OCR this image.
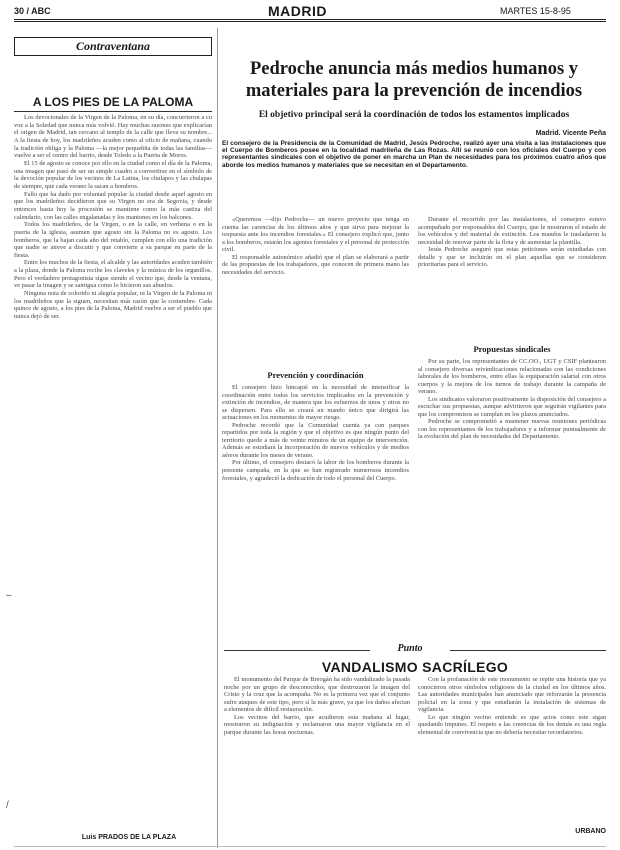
30 / ABC	MADRID	MARTES 15-8-95
Contraventana
A LOS PIES DE LA PALOMA

Los devocionales de la Virgen de la Paloma, en su día, concurrieron a cu voz a la Soledad que nunca más volvió. Hay muchas razones que explicarían el origen de Madrid, tan cercano al templo de la calle que lleva su nombre... A la fiesta de hoy, los madrileños acuden como al oficio de mañana, cuando la tradición obliga y la Paloma —la mejor pequeñita de todas las familias— vuelve a ser el centro del barrio, desde Toledo a la Puerta de Moros.

El 15 de agosto se conoce por ello en la ciudad como el día de la Paloma, una imagen que pasó de ser un simple cuadro a convertirse en el símbolo de la devoción popular de los vecinos de La Latina, los chulapos y las chulapas de siempre, que cada verano la sacan a hombros.

Fallo que ha dado por voluntad popular la ciudad desde aquel agosto en que los madrileños decidieron que su Virgen no era de Segovia, y desde entonces hasta hoy la procesión se mantiene como la más castiza del calendario, con las calles engalanadas y los mantones en los balcones.

Todos los madrileños, de la Virgen, o en la calle, en verbena o en la puerta de la iglesia, asumen que agosto sin la Paloma no es agosto. Los bomberos, que la bajan cada año del retablo, cumplen con ello una tradición que nadie se atreve a discutir y que convierte a su parque en parte de la fiesta.

Entre los muchos de la fiesta, el alcalde y las autoridades acuden también a la plaza, donde la Paloma recibe los claveles y la música de los organillos. Pero el verdadero protagonista sigue siendo el vecino que, desde la ventana, ve pasar la imagen y se santigua como lo hicieron sus abuelos.

Ninguna nota de colorido ni alegría popular, ni la Virgen de la Paloma ni los madrileños que la siguen, necesitan más razón que la costumbre. Cada quince de agosto, a los pies de la Paloma, Madrid vuelve a ser el pueblo que nunca dejó de ser.

Luis PRADOS DE LA PLAZA
Pedroche anuncia más medios humanos y materiales para la prevención de incendios
El objetivo principal será la coordinación de todos los estamentos implicados
Madrid. Vicente Peña
El consejero de la Presidencia de la Comunidad de Madrid, Jesús Pedroche, realizó ayer una visita a las instalaciones que el Cuerpo de Bomberos posee en la localidad madrileña de Las Rozas. Allí se reunió con los oficiales del Cuerpo y con representantes sindicales con el objetivo de poner en marcha un Plan de necesidades para los próximos cuatro años que aborde los medios humanos y materiales que se necesitan en el Departamento.

«Queremos —dijo Pedroche— un nuevo proyecto que tenga en cuenta las carencias de los últimos años y que sirva para mejorar la respuesta ante los incendios forestales.» El consejero explicó que, junto a los bomberos, estarán los agentes forestales y el personal de protección civil.

El responsable autonómico añadió que el plan se elaborará a partir de las propuestas de los trabajadores, que conocen de primera mano las necesidades del servicio.

Prevención y coordinación

El consejero hizo hincapié en la necesidad de intensificar la coordinación entre todos los servicios implicados en la prevención y extinción de incendios, de manera que los esfuerzos de unos y otros no se dispersen. Para ello se creará un mando único que dirigirá las actuaciones en los momentos de mayor riesgo.

Pedroche recordó que la Comunidad cuenta ya con parques repartidos por toda la región y que el objetivo es que ningún punto del territorio quede a más de veinte minutos de un equipo de intervención. Además se estudiará la incorporación de nuevos vehículos y de medios aéreos durante los meses de verano.

Por último, el consejero destacó la labor de los bomberos durante la presente campaña, en la que se han registrado numerosos incendios forestales, y agradeció la dedicación de todo el personal del Cuerpo.

Durante el recorrido por las instalaciones, el consejero estuvo acompañado por responsables del Cuerpo, que le mostraron el estado de los vehículos y del material de extinción. Los mandos le trasladaron la necesidad de renovar parte de la flota y de aumentar la plantilla.

Jesús Pedroche aseguró que estas peticiones serán estudiadas con detalle y que se incluirán en el plan aquellas que se consideren prioritarias para el servicio.

Propuestas sindicales

Por su parte, los representantes de CC.OO., UGT y CSIF plantearon al consejero diversas reivindicaciones relacionadas con las condiciones laborales de los bomberos, entre ellas la equiparación salarial con otros cuerpos y la mejora de los turnos de trabajo durante la campaña de verano.

Los sindicatos valoraron positivamente la disposición del consejero a escuchar sus propuestas, aunque advirtieron que seguirán vigilantes para que los compromisos se cumplan en los plazos anunciados.

Pedroche se comprometió a mantener nuevas reuniones periódicas con los representantes de los trabajadores y a informar puntualmente de la evolución del plan de necesidades del Departamento.

Punto
VANDALISMO SACRÍLEGO

El monumento del Parque de Breogán ha sido vandalizado la pasada noche por un grupo de desconocidos, que destrozaron la imagen del Cristo y la cruz que la acompaña. No es la primera vez que el conjunto sufre ataques de este tipo, pero sí la más grave, ya que los daños afectan a elementos de difícil restauración.

Los vecinos del barrio, que acudieron esta mañana al lugar, mostraron su indignación y reclamaron una mayor vigilancia en el parque durante las horas nocturnas.

Con la profanación de este monumento se repite una historia que ya conocieron otros símbolos religiosos de la ciudad en los últimos años. Las autoridades municipales han anunciado que reforzarán la presencia policial en la zona y que estudiarán la instalación de sistemas de vigilancia.

Lo que ningún vecino entiende es que actos como este sigan quedando impunes. El respeto a las creencias de los demás es una regla elemental de convivencia que no debería necesitar recordatorios.

URBANO
–
/
